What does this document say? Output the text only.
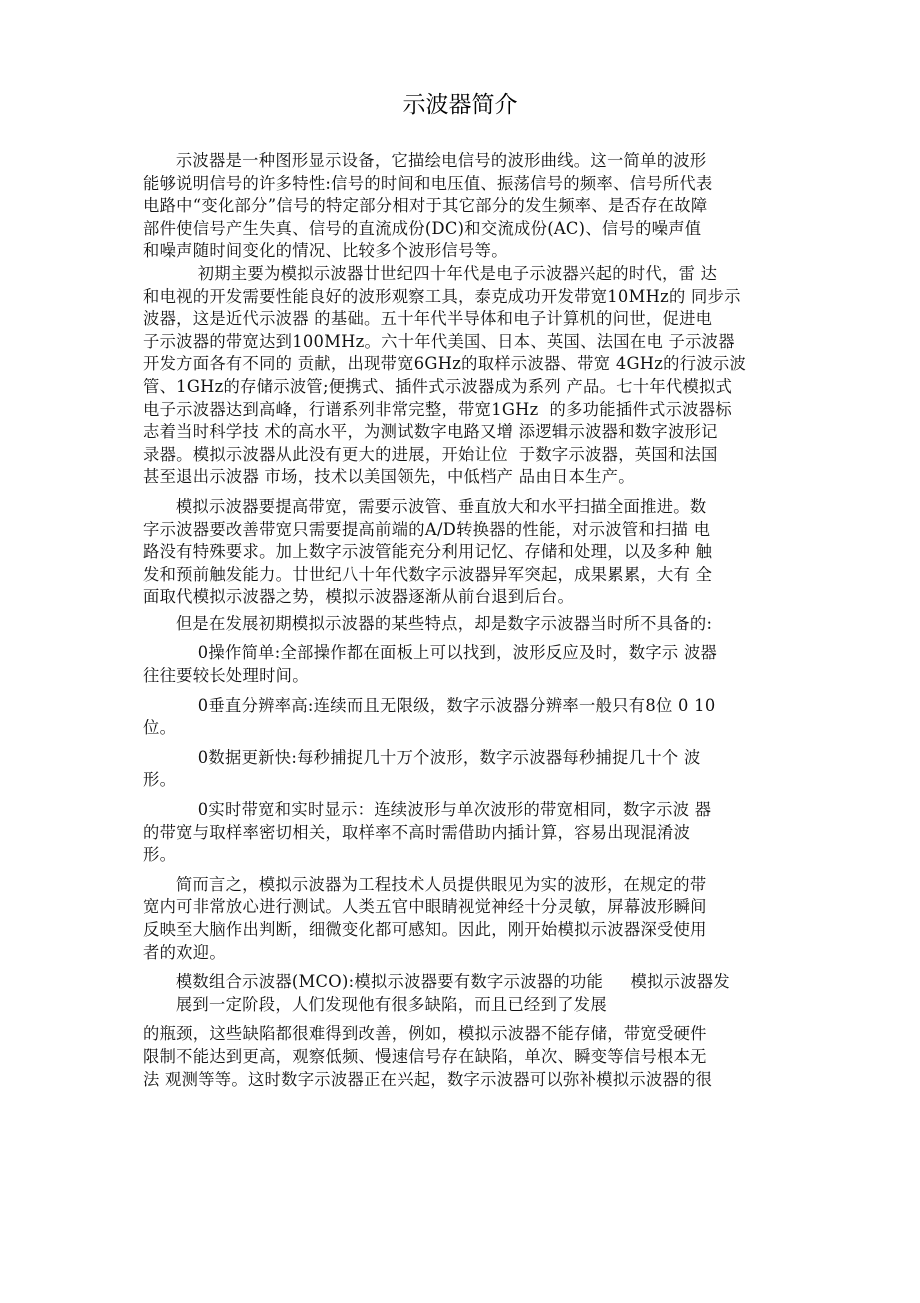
示波器简介
示波器是一种图形显示设备，它描绘电信号的波形曲线。这一简单的波形
能够说明信号的许多特性:信号的时间和电压值、振荡信号的频率、信号所代表
电路中“变化部分”信号的特定部分相对于其它部分的发生频率、是否存在故障
部件使信号产生失真、信号的直流成份(DC)和交流成份(AC)、信号的噪声值
和噪声随时间变化的情况、比较多个波形信号等。
初期主要为模拟示波器廿世纪四十年代是电子示波器兴起的时代，雷 达
和电视的开发需要性能良好的波形观察工具，泰克成功开发带宽10MHz的 同步示
波器，这是近代示波器 的基础。五十年代半导体和电子计算机的问世，促进电
子示波器的带宽达到100MHz。六十年代美国、日本、英国、法国在电 子示波器
开发方面各有不同的 贡献，出现带宽6GHz的取样示波器、带宽 4GHz的行波示波
管、1GHz的存储示波管;便携式、插件式示波器成为系列 产品。七十年代模拟式
电子示波器达到高峰，行谱系列非常完整，带宽1GHz  的多功能插件式示波器标
志着当时科学技 术的高水平，为测试数字电路又增 添逻辑示波器和数字波形记
录器。模拟示波器从此没有更大的进展，开始让位  于数字示波器，英国和法国
甚至退出示波器 市场，技术以美国领先，中低档产 品由日本生产。
模拟示波器要提高带宽，需要示波管、垂直放大和水平扫描全面推进。数
字示波器要改善带宽只需要提高前端的A/D转换器的性能，对示波管和扫描 电
路没有特殊要求。加上数字示波管能充分利用记忆、存储和处理，以及多种 触
发和预前触发能力。廿世纪八十年代数字示波器异军突起，成果累累，大有 全
面取代模拟示波器之势，模拟示波器逐渐从前台退到后台。
但是在发展初期模拟示波器的某些特点，却是数字示波器当时所不具备的:
0操作简单:全部操作都在面板上可以找到，波形反应及时，数字示 波器
往往要较长处理时间。
0垂直分辨率高:连续而且无限级，数字示波器分辨率一般只有8位 0 10
位。
0数据更新快:每秒捕捉几十万个波形，数字示波器每秒捕捉几十个 波
形。
0实时带宽和实时显示：连续波形与单次波形的带宽相同，数字示波 器
的带宽与取样率密切相关，取样率不高时需借助内插计算，容易出现混淆波
形。
简而言之，模拟示波器为工程技术人员提供眼见为实的波形，在规定的带
宽内可非常放心进行测试。人类五官中眼睛视觉神经十分灵敏，屏幕波形瞬间
反映至大脑作出判断，细微变化都可感知。因此，刚开始模拟示波器深受使用
者的欢迎。
模数组合示波器(MCO):模拟示波器要有数字示波器的功能     模拟示波器发
展到一定阶段，人们发现他有很多缺陷，而且已经到了发展
的瓶颈，这些缺陷都很难得到改善，例如，模拟示波器不能存储，带宽受硬件
限制不能达到更高，观察低频、慢速信号存在缺陷，单次、瞬变等信号根本无
法 观测等等。这时数字示波器正在兴起，数字示波器可以弥补模拟示波器的很
